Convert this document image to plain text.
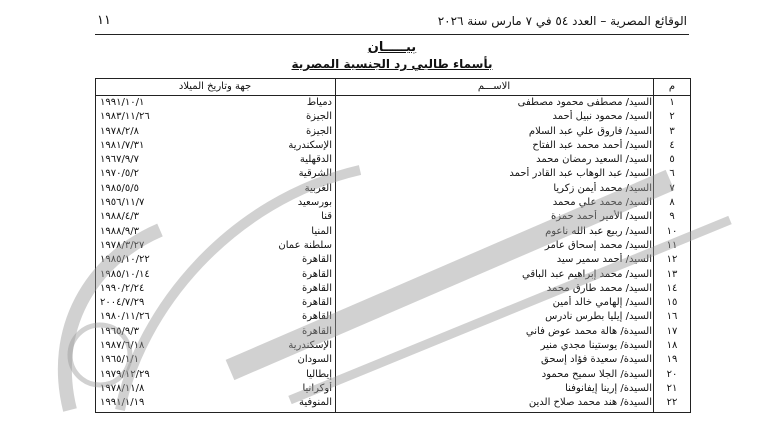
الوقائع المصرية – العدد ٥٤ في ٧ مارس سنة ٢٠٢٦
١١
بيـــــان
بأسماء طالبي رد الجنسية المصرية
م
الاســـم
جهة وتاريخ الميلاد
١
السيد/ مصطفى محمود مصطفى
دمياط
١٩٩١/١٠/١
٢
السيد/ محمود نبيل أحمد
الجيزة
١٩٨٣/١١/٢٦
٣
السيد/ فاروق علي عبد السلام
الجيزة
١٩٧٨/٢/٨
٤
السيد/ أحمد محمد عبد الفتاح
الإسكندرية
١٩٨١/٧/٣١
٥
السيد/ السعيد رمضان محمد
الدقهلية
١٩٦٧/٩/٧
٦
السيد/ عبد الوهاب عبد القادر أحمد
الشرقية
١٩٧٠/٥/٢
٧
السيد/ محمد أيمن زكريا
الغربية
١٩٨٥/٥/٥
٨
السيد/ محمد علي محمد
بورسعيد
١٩٥٦/١١/٧
٩
السيد/ الأمير أحمد حمزة
قنا
١٩٨٨/٤/٣
١٠
السيد/ ربيع عبد الله ناعوم
المنيا
١٩٨٨/٩/٣
١١
السيد/ محمد إسحاق عامر
سلطنة عمان
١٩٧٨/٣/٢٧
١٢
السيد/ أحمد سمير سيد
القاهرة
١٩٨٥/١٠/٢٢
١٣
السيد/ محمد إبراهيم عبد الباقي
القاهرة
١٩٨٥/١٠/١٤
١٤
السيد/ محمد طارق محمد
القاهرة
١٩٩٠/٢/٢٤
١٥
السيد/ إلهامي خالد أمين
القاهرة
٢٠٠٤/٧/٢٩
١٦
السيد/ إيليا بطرس نادرس
القاهرة
١٩٨٠/١١/٢٦
١٧
السيدة/ هالة محمد عوض فاني
القاهرة
١٩٦٥/٩/٣
١٨
السيدة/ يوستينا مجدي منير
الإسكندرية
١٩٨٧/٦/١٨
١٩
السيدة/ سعيدة فؤاد إسحق
السودان
١٩٦٥/١/١
٢٠
السيدة/ الجلا سميح محمود
إيطاليا
١٩٧٩/١٢/٢٩
٢١
السيدة/ إرينا إيفانوفنا
أوكرانيا
١٩٧٨/١١/٨
٢٢
السيدة/ هند محمد صلاح الدين
المنوفية
١٩٩١/١/١٩
